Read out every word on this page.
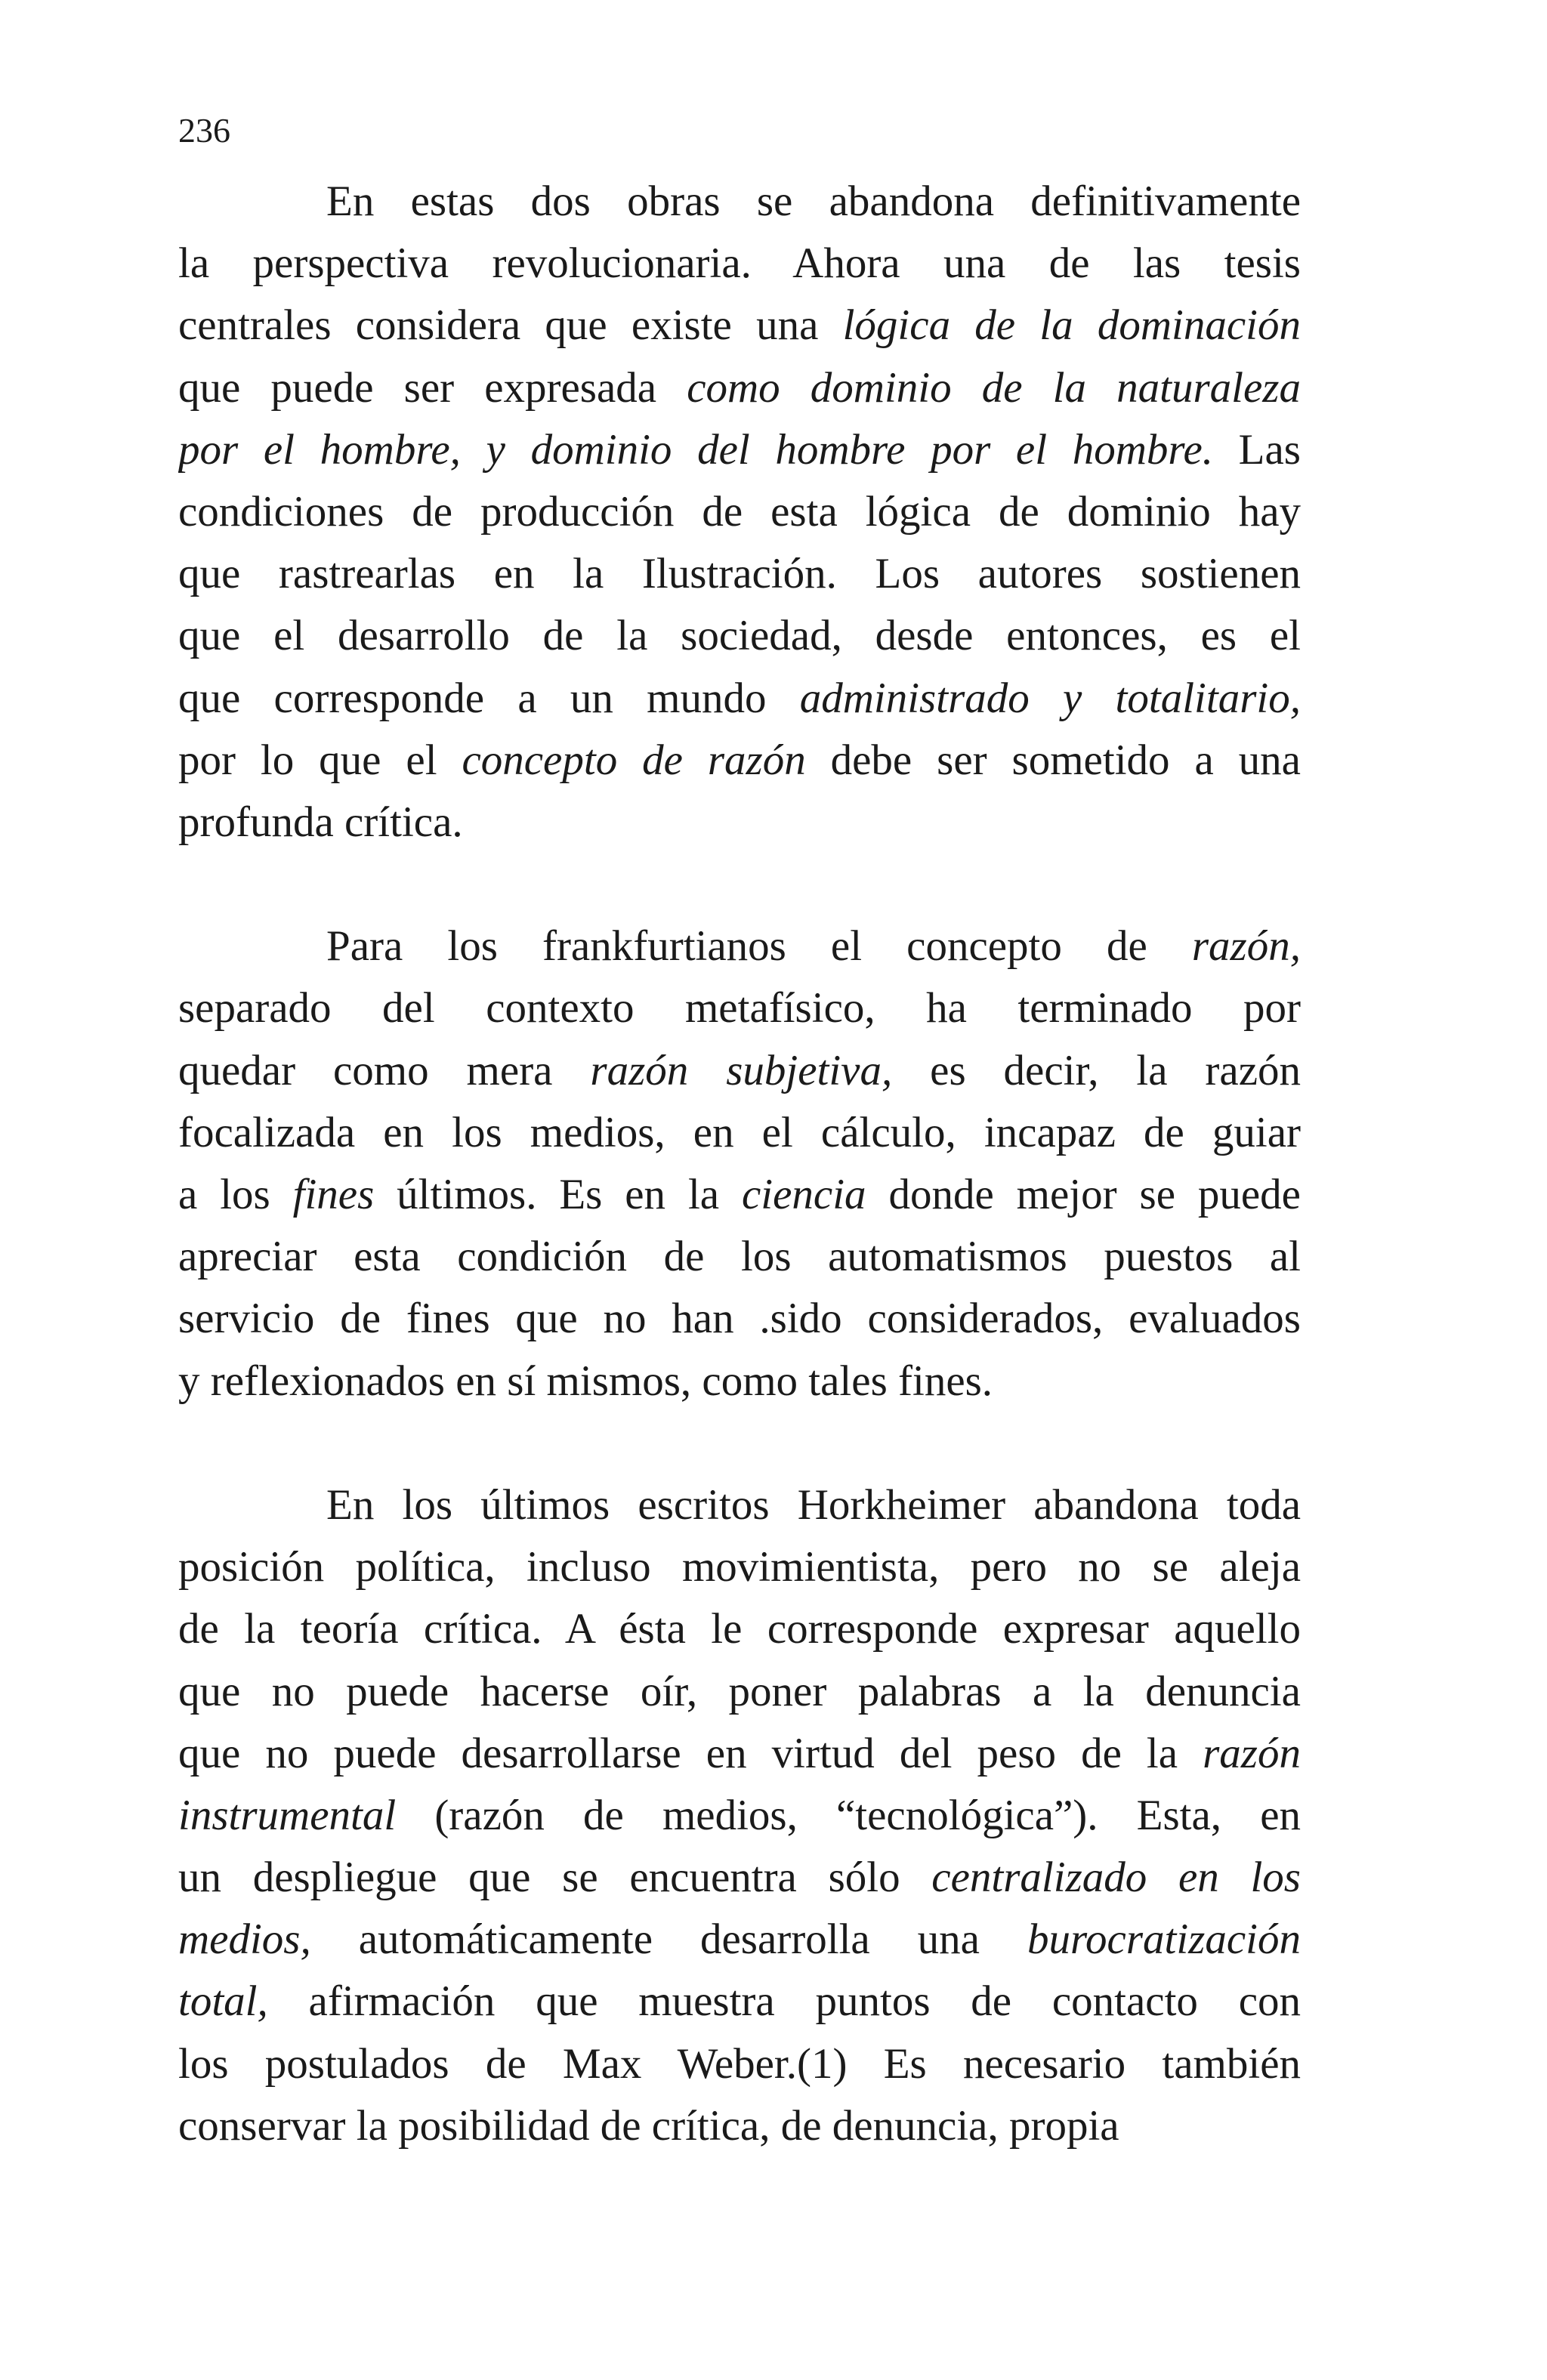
236
En estas dos obras se abandona definitivamente
la perspectiva revolucionaria. Ahora una de las tesis
centrales considera que existe una lógica de la dominación
que puede ser expresada como dominio de la naturaleza
por el hombre, y dominio del hombre por el hombre. Las
condiciones de producción de esta lógica de dominio hay
que rastrearlas en la Ilustración. Los autores sostienen
que el desarrollo de la sociedad, desde entonces, es el
que corresponde a un mundo administrado y totalitario,
por lo que el concepto de razón debe ser sometido a una
profunda crítica.
Para los frankfurtianos el concepto de razón,
separado del contexto metafísico, ha terminado por
quedar como mera razón subjetiva, es decir, la razón
focalizada en los medios, en el cálculo, incapaz de guiar
a los fines últimos. Es en la ciencia donde mejor se puede
apreciar esta condición de los automatismos puestos al
servicio de fines que no han .sido considerados, evaluados
y reflexionados en sí mismos, como tales fines.
En los últimos escritos Horkheimer abandona toda
posición política, incluso movimientista, pero no se aleja
de la teoría crítica. A ésta le corresponde expresar aquello
que no puede hacerse oír, poner palabras a la denuncia
que no puede desarrollarse en virtud del peso de la razón
instrumental (razón de medios, “tecnológica”). Esta, en
un despliegue que se encuentra sólo centralizado en los
medios, automáticamente desarrolla una burocratización
total, afirmación que muestra puntos de contacto con
los postulados de Max Weber.(1) Es necesario también
conservar la posibilidad de crítica, de denuncia, propia
